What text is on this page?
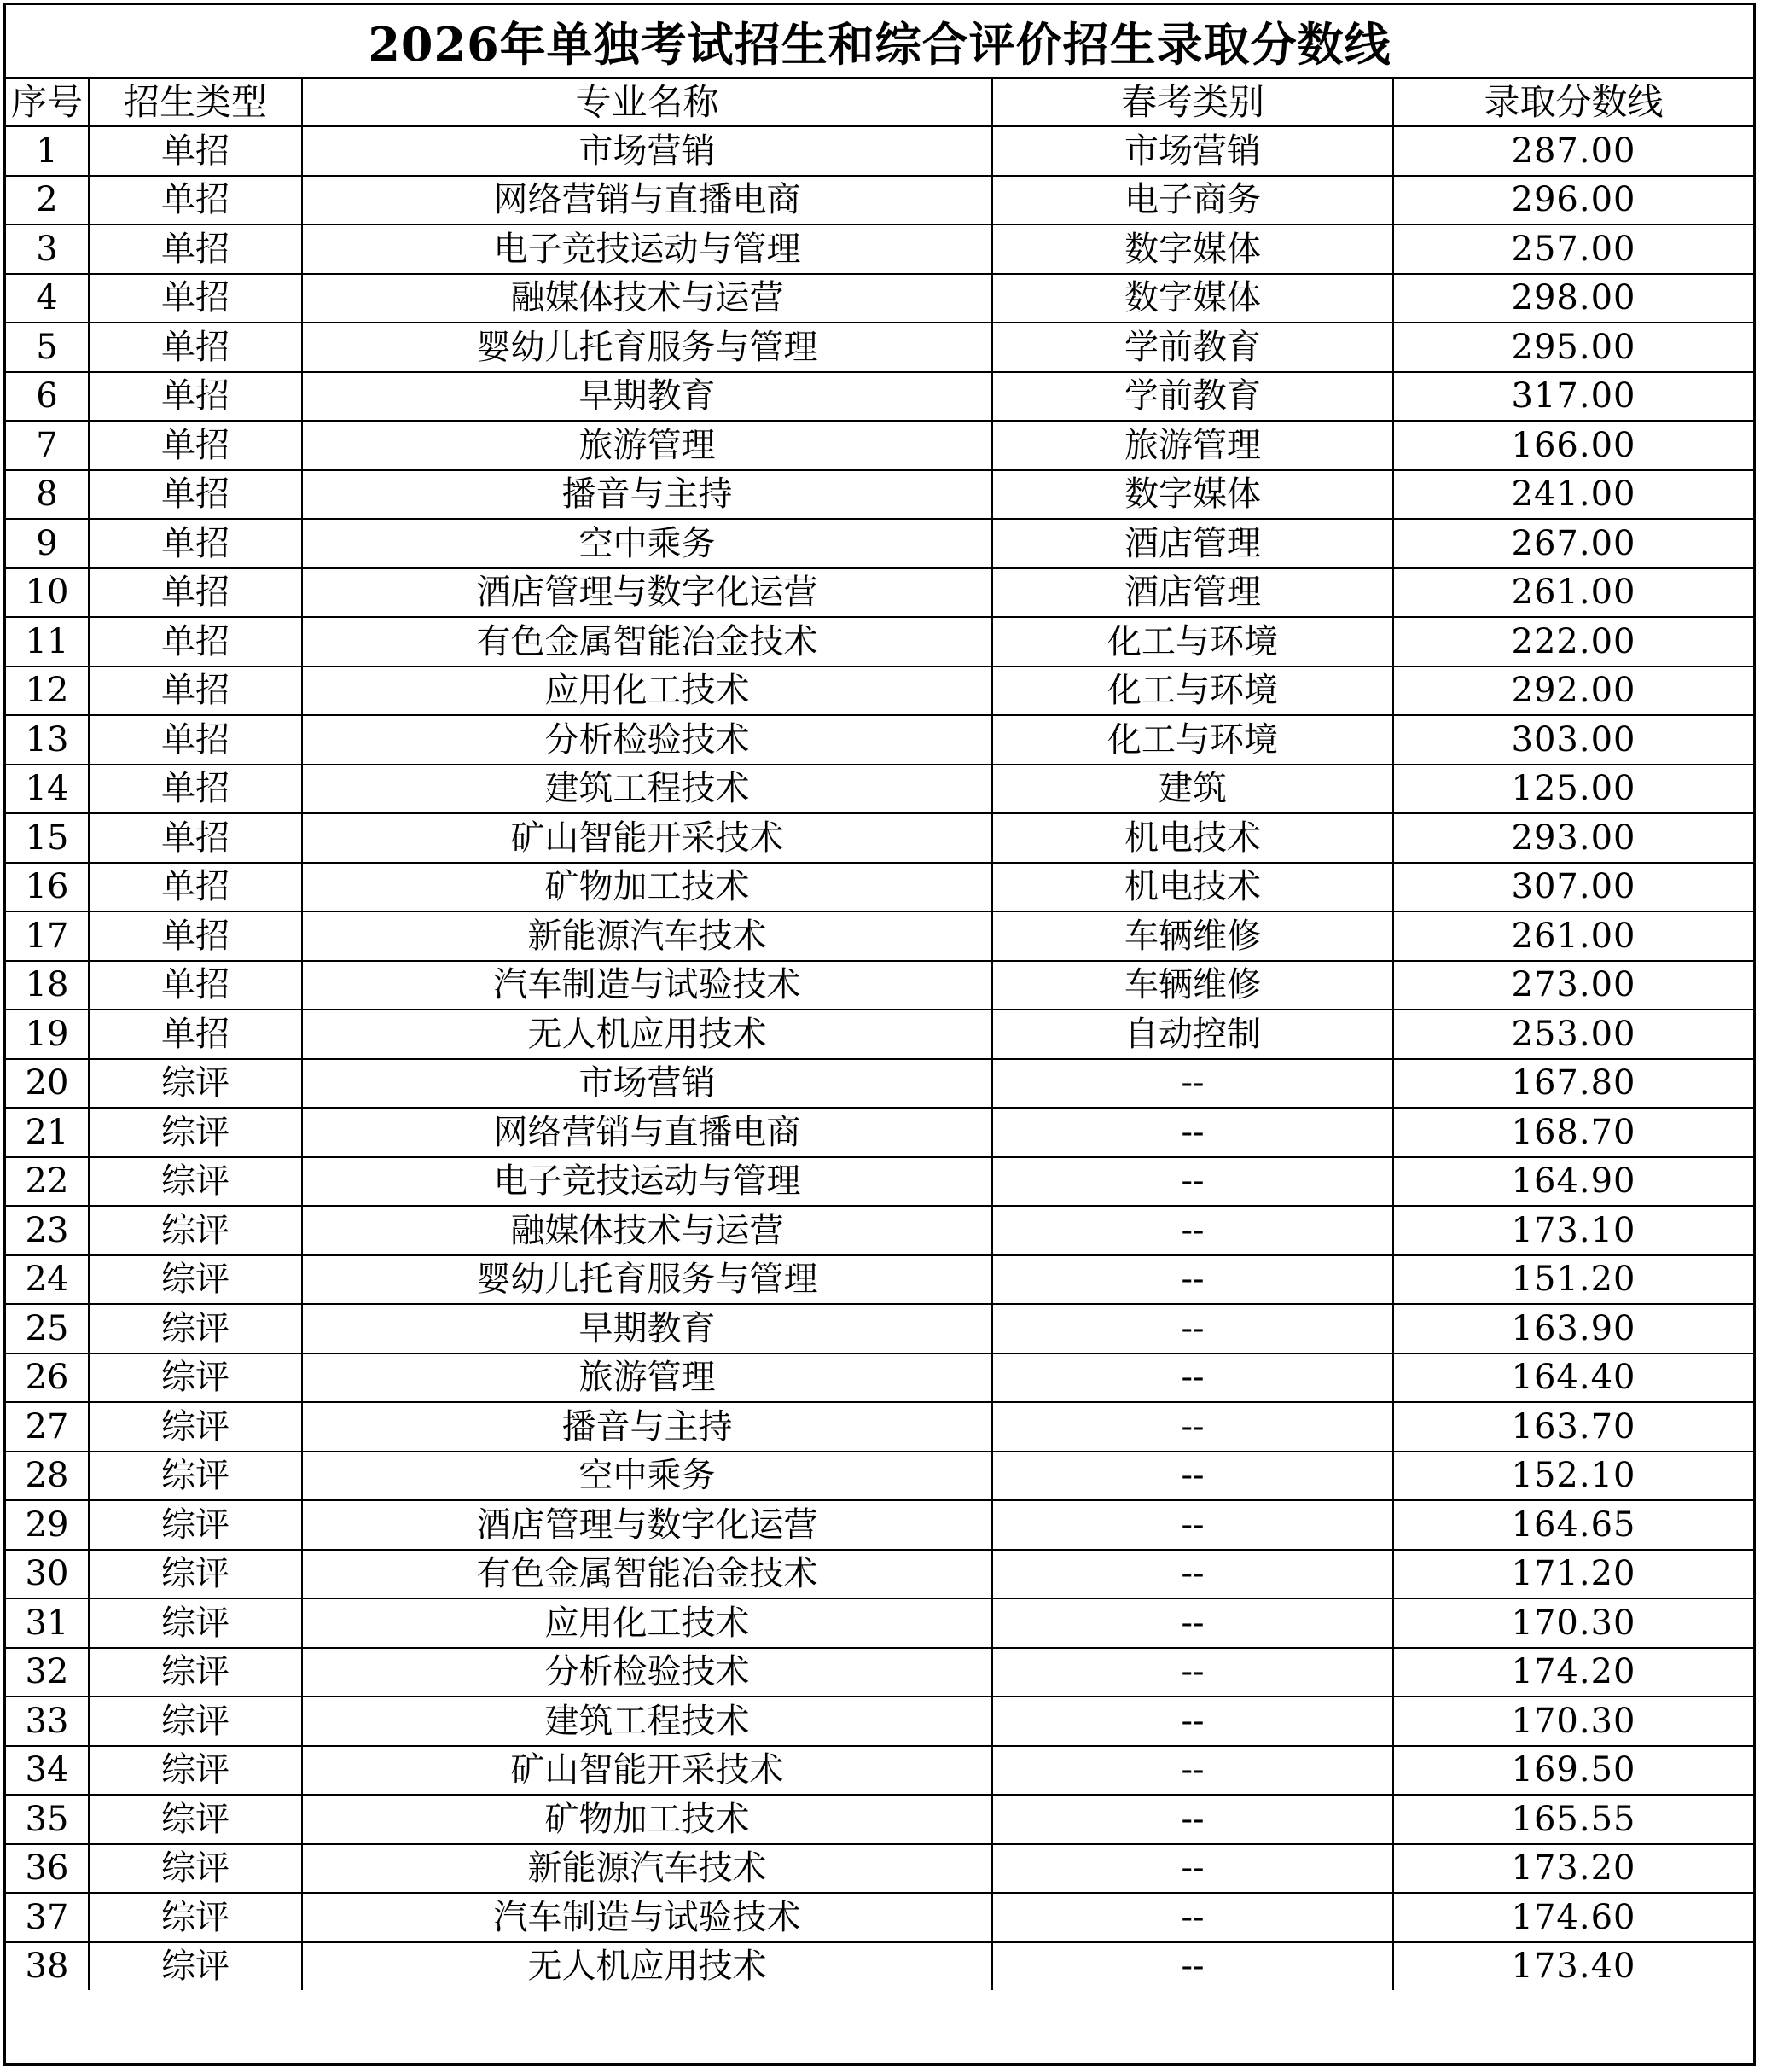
2026年单独考试招生和综合评价招生录取分数线
序号	招生类型	专业名称	春考类别	录取分数线
1	单招	市场营销	市场营销	287.00
2	单招	网络营销与直播电商	电子商务	296.00
3	单招	电子竞技运动与管理	数字媒体	257.00
4	单招	融媒体技术与运营	数字媒体	298.00
5	单招	婴幼儿托育服务与管理	学前教育	295.00
6	单招	早期教育	学前教育	317.00
7	单招	旅游管理	旅游管理	166.00
8	单招	播音与主持	数字媒体	241.00
9	单招	空中乘务	酒店管理	267.00
10	单招	酒店管理与数字化运营	酒店管理	261.00
11	单招	有色金属智能冶金技术	化工与环境	222.00
12	单招	应用化工技术	化工与环境	292.00
13	单招	分析检验技术	化工与环境	303.00
14	单招	建筑工程技术	建筑	125.00
15	单招	矿山智能开采技术	机电技术	293.00
16	单招	矿物加工技术	机电技术	307.00
17	单招	新能源汽车技术	车辆维修	261.00
18	单招	汽车制造与试验技术	车辆维修	273.00
19	单招	无人机应用技术	自动控制	253.00
20	综评	市场营销	--	167.80
21	综评	网络营销与直播电商	--	168.70
22	综评	电子竞技运动与管理	--	164.90
23	综评	融媒体技术与运营	--	173.10
24	综评	婴幼儿托育服务与管理	--	151.20
25	综评	早期教育	--	163.90
26	综评	旅游管理	--	164.40
27	综评	播音与主持	--	163.70
28	综评	空中乘务	--	152.10
29	综评	酒店管理与数字化运营	--	164.65
30	综评	有色金属智能冶金技术	--	171.20
31	综评	应用化工技术	--	170.30
32	综评	分析检验技术	--	174.20
33	综评	建筑工程技术	--	170.30
34	综评	矿山智能开采技术	--	169.50
35	综评	矿物加工技术	--	165.55
36	综评	新能源汽车技术	--	173.20
37	综评	汽车制造与试验技术	--	174.60
38	综评	无人机应用技术	--	173.40
